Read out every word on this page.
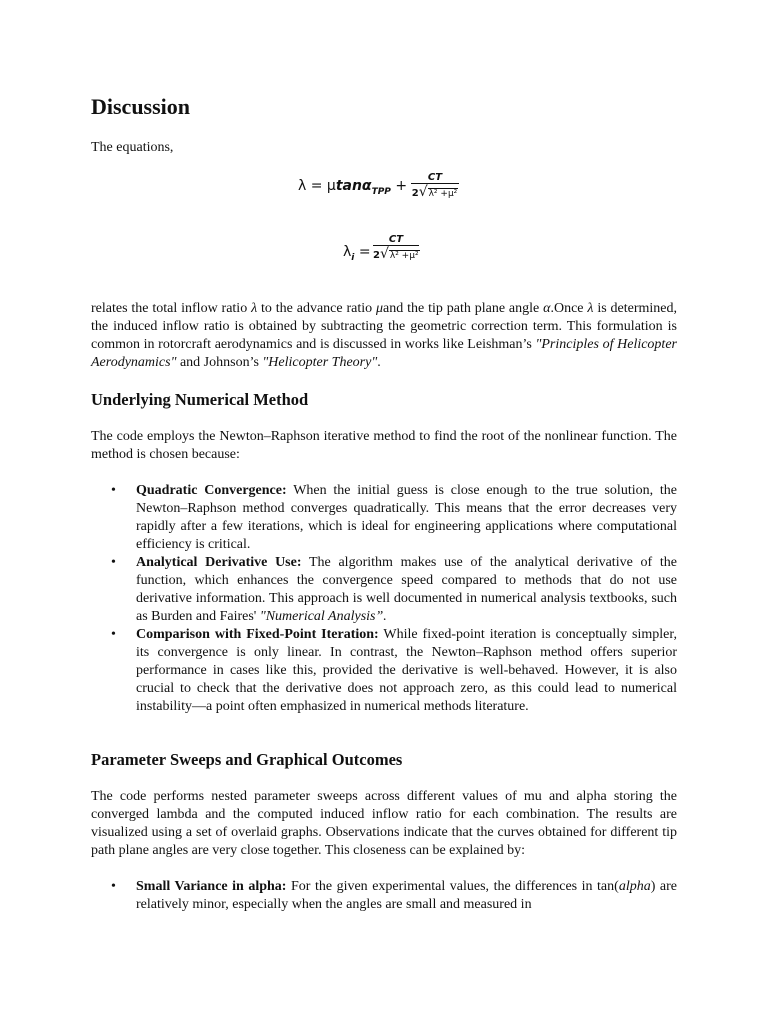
Discussion

The equations,

λ = μtanα$_{TPP}$ +
CT
2√λ² +μ²
$\lambda_i$ =
CT
2√λ² +μ²

relates the total inflow ratio λ to the advance ratio μand the tip path plane angle α.Once λ is determined, the induced inflow ratio is obtained by subtracting the geometric correction term. This formulation is common in rotorcraft aerodynamics and is discussed in works like Leishman’s "Principles of Helicopter Aerodynamics" and Johnson’s "Helicopter Theory".

Underlying Numerical Method

The code employs the Newton–Raphson iterative method to find the root of the nonlinear function. The method is chosen because:

• Quadratic Convergence: When the initial guess is close enough to the true solution, the Newton–Raphson method converges quadratically. This means that the error decreases very rapidly after a few iterations, which is ideal for engineering applications where computational efficiency is critical.
• Analytical Derivative Use: The algorithm makes use of the analytical derivative of the function, which enhances the convergence speed compared to methods that do not use derivative information. This approach is well documented in numerical analysis textbooks, such as Burden and Faires' "Numerical Analysis”.
• Comparison with Fixed-Point Iteration: While fixed-point iteration is conceptually simpler, its convergence is only linear. In contrast, the Newton–Raphson method offers superior performance in cases like this, provided the derivative is well-behaved. However, it is also crucial to check that the derivative does not approach zero, as this could lead to numerical instability—a point often emphasized in numerical methods literature.
Parameter Sweeps and Graphical Outcomes

The code performs nested parameter sweeps across different values of mu and alpha storing the converged lambda and the computed induced inflow ratio for each combination. The results are visualized using a set of overlaid graphs. Observations indicate that the curves obtained for different tip path plane angles are very close together. This closeness can be explained by:

• Small Variance in alpha: For the given experimental values, the differences in tan(alpha) are relatively minor, especially when the angles are small and measured in
